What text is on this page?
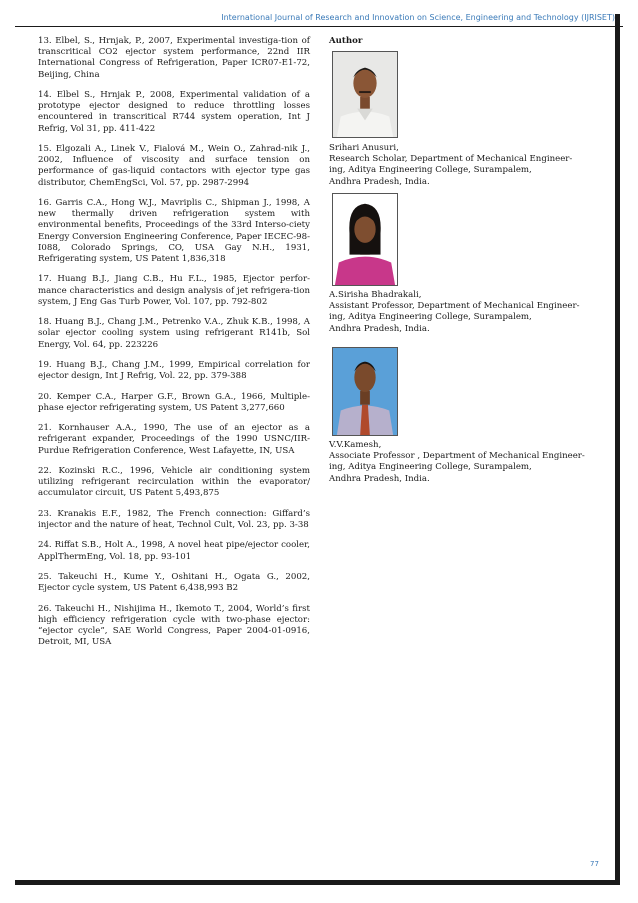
International Journal of Research and Innovation on Science, Engineering and Technology (IJRISET)

13. Elbel, S., Hrnjak, P., 2007, Experimental investiga-tion of transcritical CO2 ejector system performance, 22nd IIR International Congress of Refrigeration, Paper ICR07-E1-72, Beijing, China

14. Elbel S., Hrnjak P., 2008, Experimental validation of a prototype ejector designed to reduce throttling losses encountered in transcritical R744 system operation, Int J Refrig, Vol 31, pp. 411-422

15. Elgozali A., Linek V., Fialová M., Wein O., Zahrad-nik J., 2002, Influence of viscosity and surface tension on performance of gas-liquid contactors with ejector type gas distributor, ChemEngSci, Vol. 57, pp. 2987-2994

16. Garris C.A., Hong W.J., Mavriplis C., Shipman J., 1998, A new thermally driven refrigeration system with environmental benefits, Proceedings of the 33rd Interso-ciety Energy Conversion Engineering Conference, Paper IECEC-98-I088, Colorado Springs, CO, USA Gay N.H., 1931, Refrigerating system, US Patent 1,836,318

17. Huang B.J., Jiang C.B., Hu F.L., 1985, Ejector perfor-mance characteristics and design analysis of jet refrigera-tion system, J Eng Gas Turb Power, Vol. 107, pp. 792-802

18. Huang B.J., Chang J.M., Petrenko V.A., Zhuk K.B., 1998, A solar ejector cooling system using refrigerant R141b, Sol Energy, Vol. 64, pp. 223226

19. Huang B.J., Chang J.M., 1999, Empirical correlation for ejector design, Int J Refrig, Vol. 22, pp. 379-388

20. Kemper C.A., Harper G.F., Brown G.A., 1966, Multiple-phase ejector refrigerating system, US Patent 3,277,660

21. Kornhauser A.A., 1990, The use of an ejector as a refrigerant expander, Proceedings of the 1990 USNC/IIR-Purdue Refrigeration Conference, West Lafayette, IN, USA

22. Kozinski R.C., 1996, Vehicle air conditioning system utilizing refrigerant recirculation within the evaporator/ accumulator circuit, US Patent 5,493,875

23. Kranakis E.F., 1982, The French connection: Giffard’s injector and the nature of heat, Technol Cult, Vol. 23, pp. 3-38

24. Riffat S.B., Holt A., 1998, A novel heat pipe/ejector cooler, ApplThermEng, Vol. 18, pp. 93-101

25. Takeuchi H., Kume Y., Oshitani H., Ogata G., 2002, Ejector cycle system, US Patent 6,438,993 B2

26. Takeuchi H., Nishijima H., Ikemoto T., 2004, World’s first high efficiency refrigeration cycle with two-phase ejector: “ejector cycle”, SAE World Congress, Paper 2004-01-0916, Detroit, MI, USA

Author
Srihari Anusuri,
Research Scholar, Department of Mechanical Engineer-
ing, Aditya Engineering College, Surampalem,
Andhra Pradesh, India.
A.Sirisha Bhadrakali,
Assistant Professor, Department of Mechanical Engineer-
ing, Aditya Engineering College, Surampalem,
Andhra Pradesh, India.
V.V.Kamesh,
Associate Professor , Department of Mechanical Engineer-
ing, Aditya Engineering College, Surampalem,
Andhra Pradesh, India.
77
